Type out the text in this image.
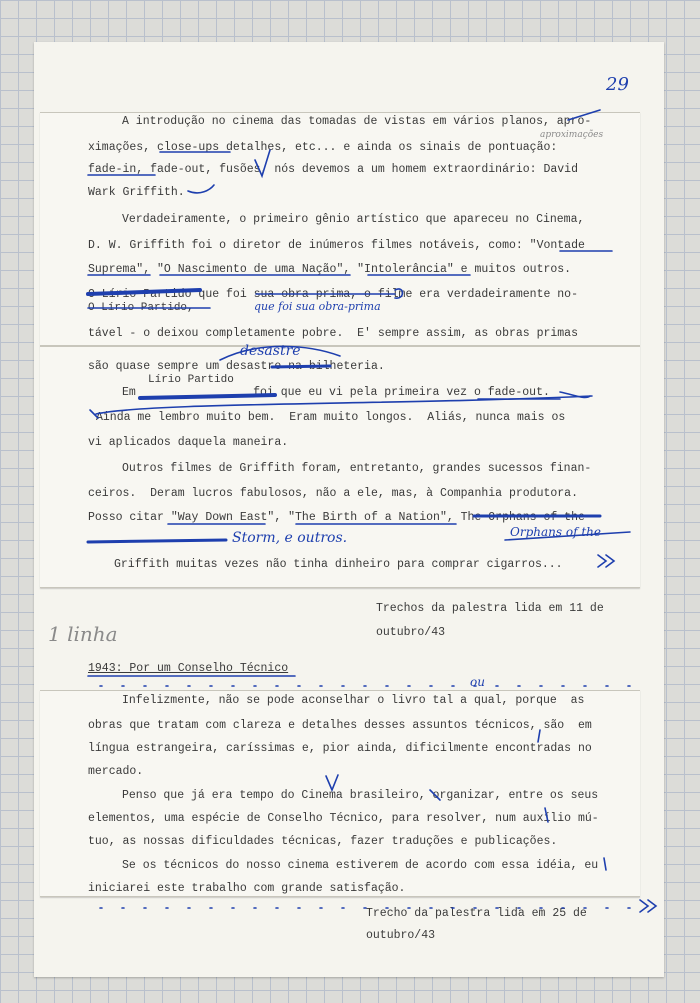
29
A introdução no cinema das tomadas de vistas em vários planos, apro-
ximações, close-ups detalhes, etc... e ainda os sinais de pontuação:
fade-in, fade-out, fusões, nós devemos a um homem extraordinário: David
Wark Griffith.
Verdadeiramente, o primeiro gênio artístico que apareceu no Cinema,
D. W. Griffith foi o diretor de inúmeros filmes notáveis, como: "Vontade
Suprema", "O Nascimento de uma Nação", "Intolerância" e muitos outros.
O Lírio Partido que foi sua obra-prima, o filme era verdadeiramente no-
O Lírio Partido,
tável - o deixou completamente pobre.  E' sempre assim, as obras primas
são quase sempre um desastre na bilheteria.
Lírio Partido
Em                 foi que eu vi pela primeira vez o fade-out.
Ainda me lembro muito bem.  Eram muito longos.  Aliás, nunca mais os
vi aplicados daquela maneira.
Outros filmes de Griffith foram, entretanto, grandes sucessos finan-
ceiros.  Deram lucros fabulosos, não a ele, mas, à Companhia produtora.
Posso citar "Way Down East", "The Birth of a Nation", The Orphans of the
Storm, e outros.
Griffith muitas vezes não tinha dinheiro para comprar cigarros...
Trechos da palestra lida em 11 de
outubro/43
1 linha
1943: Por um Conselho Técnico
Infelizmente, não se pode aconselhar o livro tal a qual, porque  as
obras que tratam com clareza e detalhes desses assuntos técnicos, são  em
língua estrangeira, caríssimas e, pior ainda, dificilmente encontradas no
mercado.
Penso que já era tempo do Cinema brasileiro, organizar, entre os seus
elementos, uma espécie de Conselho Técnico, para resolver, num auxílio mú-
tuo, as nossas dificuldades técnicas, fazer traduções e publicações.
Se os técnicos do nosso cinema estiverem de acordo com essa idéia, eu
iniciarei este trabalho com grande satisfação.
Trecho da palestra lida em 25 de
outubro/43
que foi sua obra-prima
desastre
Orphans of the
ou
aproximações
